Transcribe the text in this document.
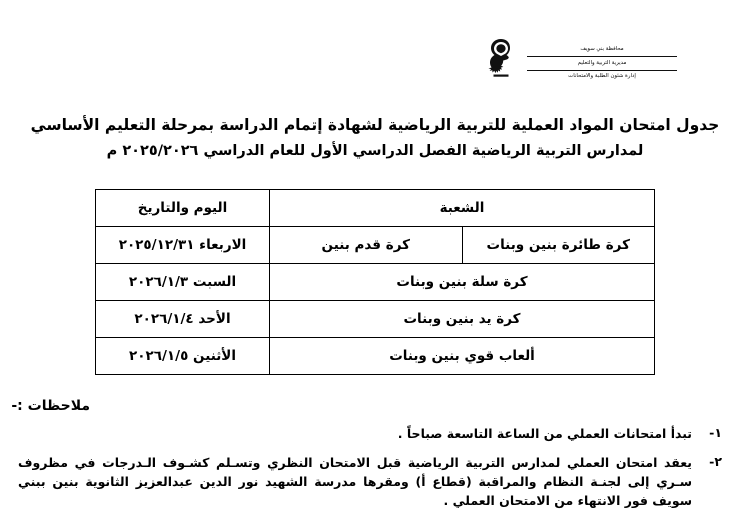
محافظة بني سويف
مديرية التربية والتعليم
إدارة شئون الطلبة والامتحانات
جدول امتحان المواد العملية للتربية الرياضية لشهادة إتمام الدراسة بمرحلة التعليم الأساسي
لمدارس التربية الرياضية الفصل الدراسي الأول للعام الدراسي ٢٠٢٥/٢٠٢٦ م
الشعبة		اليوم والتاريخ
كرة طائرة بنين وبنات	كرة قدم بنين	الاربعاء ٢٠٢٥/١٢/٣١
كرة سلة بنين وبنات		السبت ٢٠٢٦/١/٣
كرة يد بنين وبنات		الأحد ٢٠٢٦/١/٤
ألعاب قوي بنين وبنات		الأثنين ٢٠٢٦/١/٥
ملاحظات :-
١-
تبدأ امتحانات العملي من الساعة التاسعة صباحاً .
٢-
يعقد امتحان العملي لمدارس التربية الرياضية قبل الامتحان النظري وتسـلم كشـوف الـدرجات في مظروف سـري إلى لجنـة النظام والمراقبة (قطاع أ) ومقرها مدرسة الشهيد نور الدين عبدالعزيز الثانوية بنين ببني سويف فور الانتهاء من الامتحان العملي .
